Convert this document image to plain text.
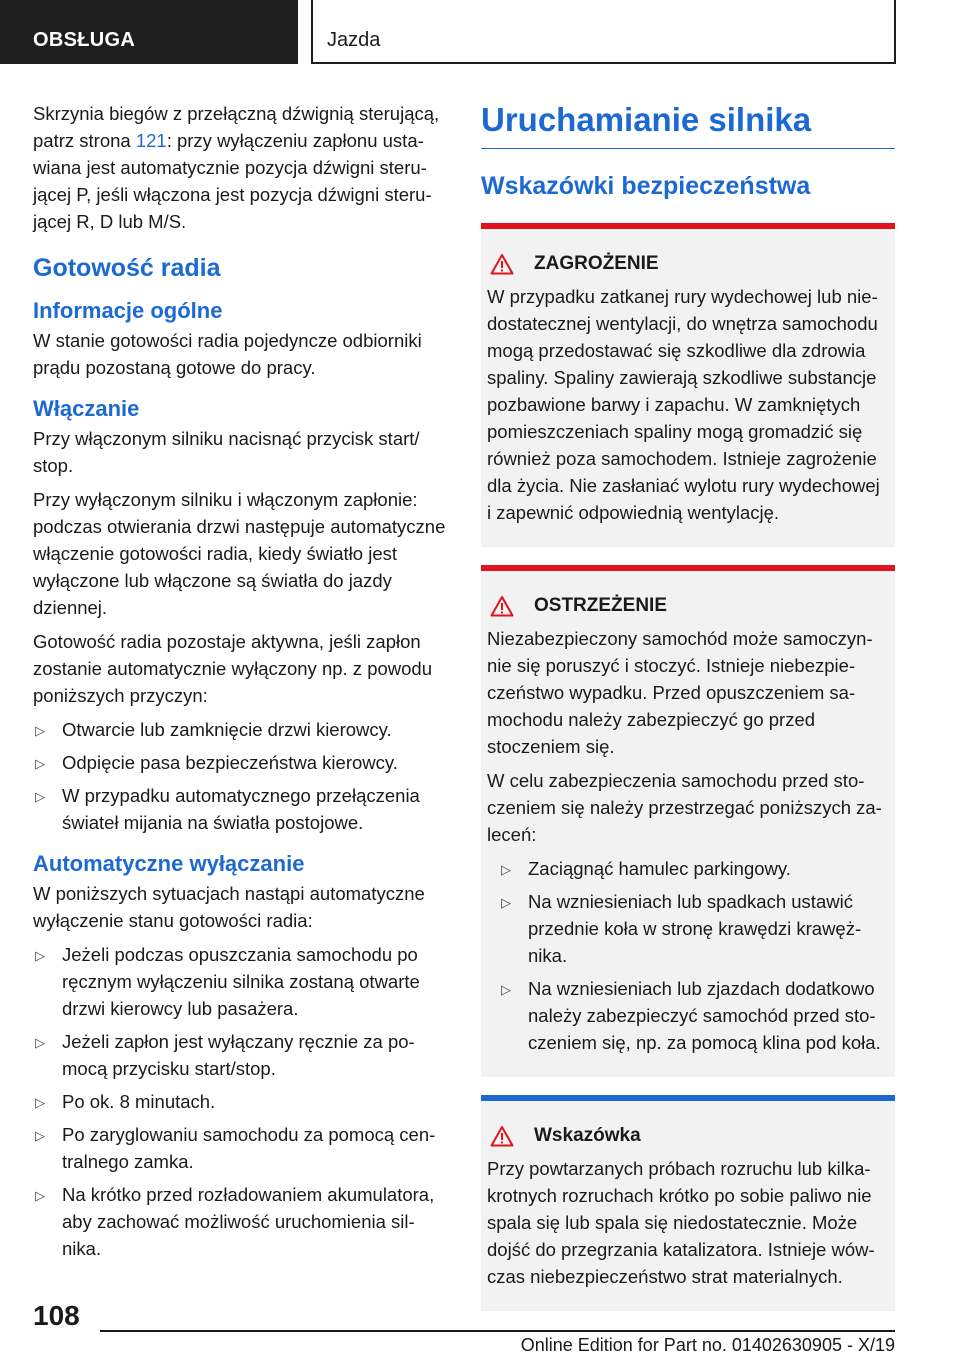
OBSŁUGA	Jazda

Skrzynia biegów z przełączną dźwignią sterującą, patrz strona 121: przy wyłączeniu zapłonu ustawiana jest automatycznie pozycja dźwigni sterującej P, jeśli włączona jest pozycja dźwigni sterującej R, D lub M/S.

Gotowość radia
Informacje ogólne

W stanie gotowości radia pojedyncze odbiorniki prądu pozostaną gotowe do pracy.

Włączanie

Przy włączonym silniku nacisnąć przycisk start/ stop.

Przy wyłączonym silniku i włączonym zapłonie: podczas otwierania drzwi następuje automatyczne włączenie gotowości radia, kiedy światło jest wyłączone lub włączone są światła do jazdy dziennej.

Gotowość radia pozostaje aktywna, jeśli zapłon zostanie automatycznie wyłączony np. z powodu poniższych przyczyn:

▷ Otwarcie lub zamknięcie drzwi kierowcy.
▷ Odpięcie pasa bezpieczeństwa kierowcy.
▷ W przypadku automatycznego przełączenia świateł mijania na światła postojowe.
Automatyczne wyłączanie

W poniższych sytuacjach nastąpi automatyczne wyłączenie stanu gotowości radia:

▷ Jeżeli podczas opuszczania samochodu po ręcznym wyłączeniu silnika zostaną otwarte drzwi kierowcy lub pasażera.
▷ Jeżeli zapłon jest wyłączany ręcznie za pomocą przycisku start/stop.
▷ Po ok. 8 minutach.
▷ Po zaryglowaniu samochodu za pomocą centralnego zamka.
▷ Na krótko przed rozładowaniem akumulatora, aby zachować możliwość uruchomienia silnika.
Uruchamianie silnika
Wskazówki bezpieczeństwa
ZAGROŻENIE

W przypadku zatkanej rury wydechowej lub niedostatecznej wentylacji, do wnętrza samochodu mogą przedostawać się szkodliwe dla zdrowia spaliny. Spaliny zawierają szkodliwe substancje pozbawione barwy i zapachu. W zamkniętych pomieszczeniach spaliny mogą gromadzić się również poza samochodem. Istnieje zagrożenie dla życia. Nie zasłaniać wylotu rury wydechowej i zapewnić odpowiednią wentylację.

OSTRZEŻENIE

Niezabezpieczony samochód może samoczynnie się poruszyć i stoczyć. Istnieje niebezpieczeństwo wypadku. Przed opuszczeniem samochodu należy zabezpieczyć go przed stoczeniem się.

W celu zabezpieczenia samochodu przed stoczeniem się należy przestrzegać poniższych zaleceń:

▷ Zaciągnąć hamulec parkingowy.
▷ Na wzniesieniach lub spadkach ustawić przednie koła w stronę krawędzi krawężnika.
▷ Na wzniesieniach lub zjazdach dodatkowo należy zabezpieczyć samochód przed stoczeniem się, np. za pomocą klina pod koła.
Wskazówka

Przy powtarzanych próbach rozruchu lub kilkakrotnych rozruchach krótko po sobie paliwo nie spala się lub spala się niedostatecznie. Może dojść do przegrzania katalizatora. Istnieje wówczas niebezpieczeństwo strat materialnych.

108
Online Edition for Part no. 01402630905 - X/19
